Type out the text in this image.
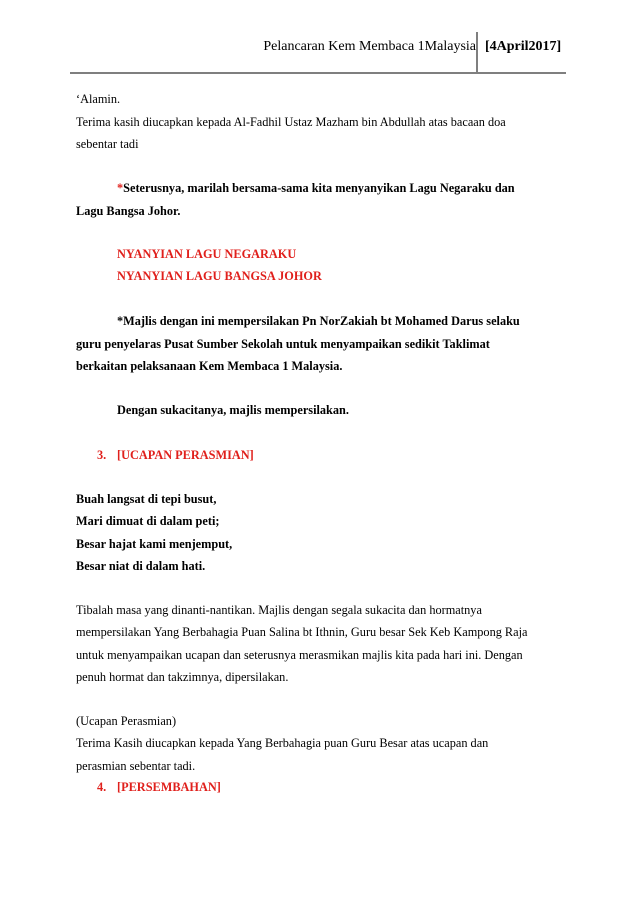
Pelancaran Kem Membaca 1Malaysia [4April2017]
‘Alamin.
Terima kasih diucapkan kepada Al-Fadhil Ustaz Mazham bin Abdullah atas bacaan doa
sebentar tadi
*Seterusnya, marilah bersama-sama kita menyanyikan Lagu Negaraku dan
Lagu Bangsa Johor.
NYANYIAN LAGU NEGARAKU
NYANYIAN LAGU BANGSA JOHOR
*Majlis dengan ini mempersilakan Pn NorZakiah bt Mohamed Darus selaku
guru penyelaras Pusat Sumber Sekolah untuk menyampaikan sedikit Taklimat
berkaitan pelaksanaan Kem Membaca 1 Malaysia.
Dengan sukacitanya, majlis mempersilakan.
3. [UCAPAN PERASMIAN]
Buah langsat di tepi busut,
Mari dimuat di dalam peti;
Besar hajat kami menjemput,
Besar niat di dalam hati.
Tibalah masa yang dinanti-nantikan. Majlis dengan segala sukacita dan hormatnya
mempersilakan Yang Berbahagia Puan Salina bt Ithnin, Guru besar Sek Keb Kampong Raja
untuk menyampaikan ucapan dan seterusnya merasmikan majlis kita pada hari ini. Dengan
penuh hormat dan takzimnya, dipersilakan.
(Ucapan Perasmian)
Terima Kasih diucapkan kepada Yang Berbahagia puan Guru Besar atas ucapan dan
perasmian sebentar tadi.
4. [PERSEMBAHAN]
